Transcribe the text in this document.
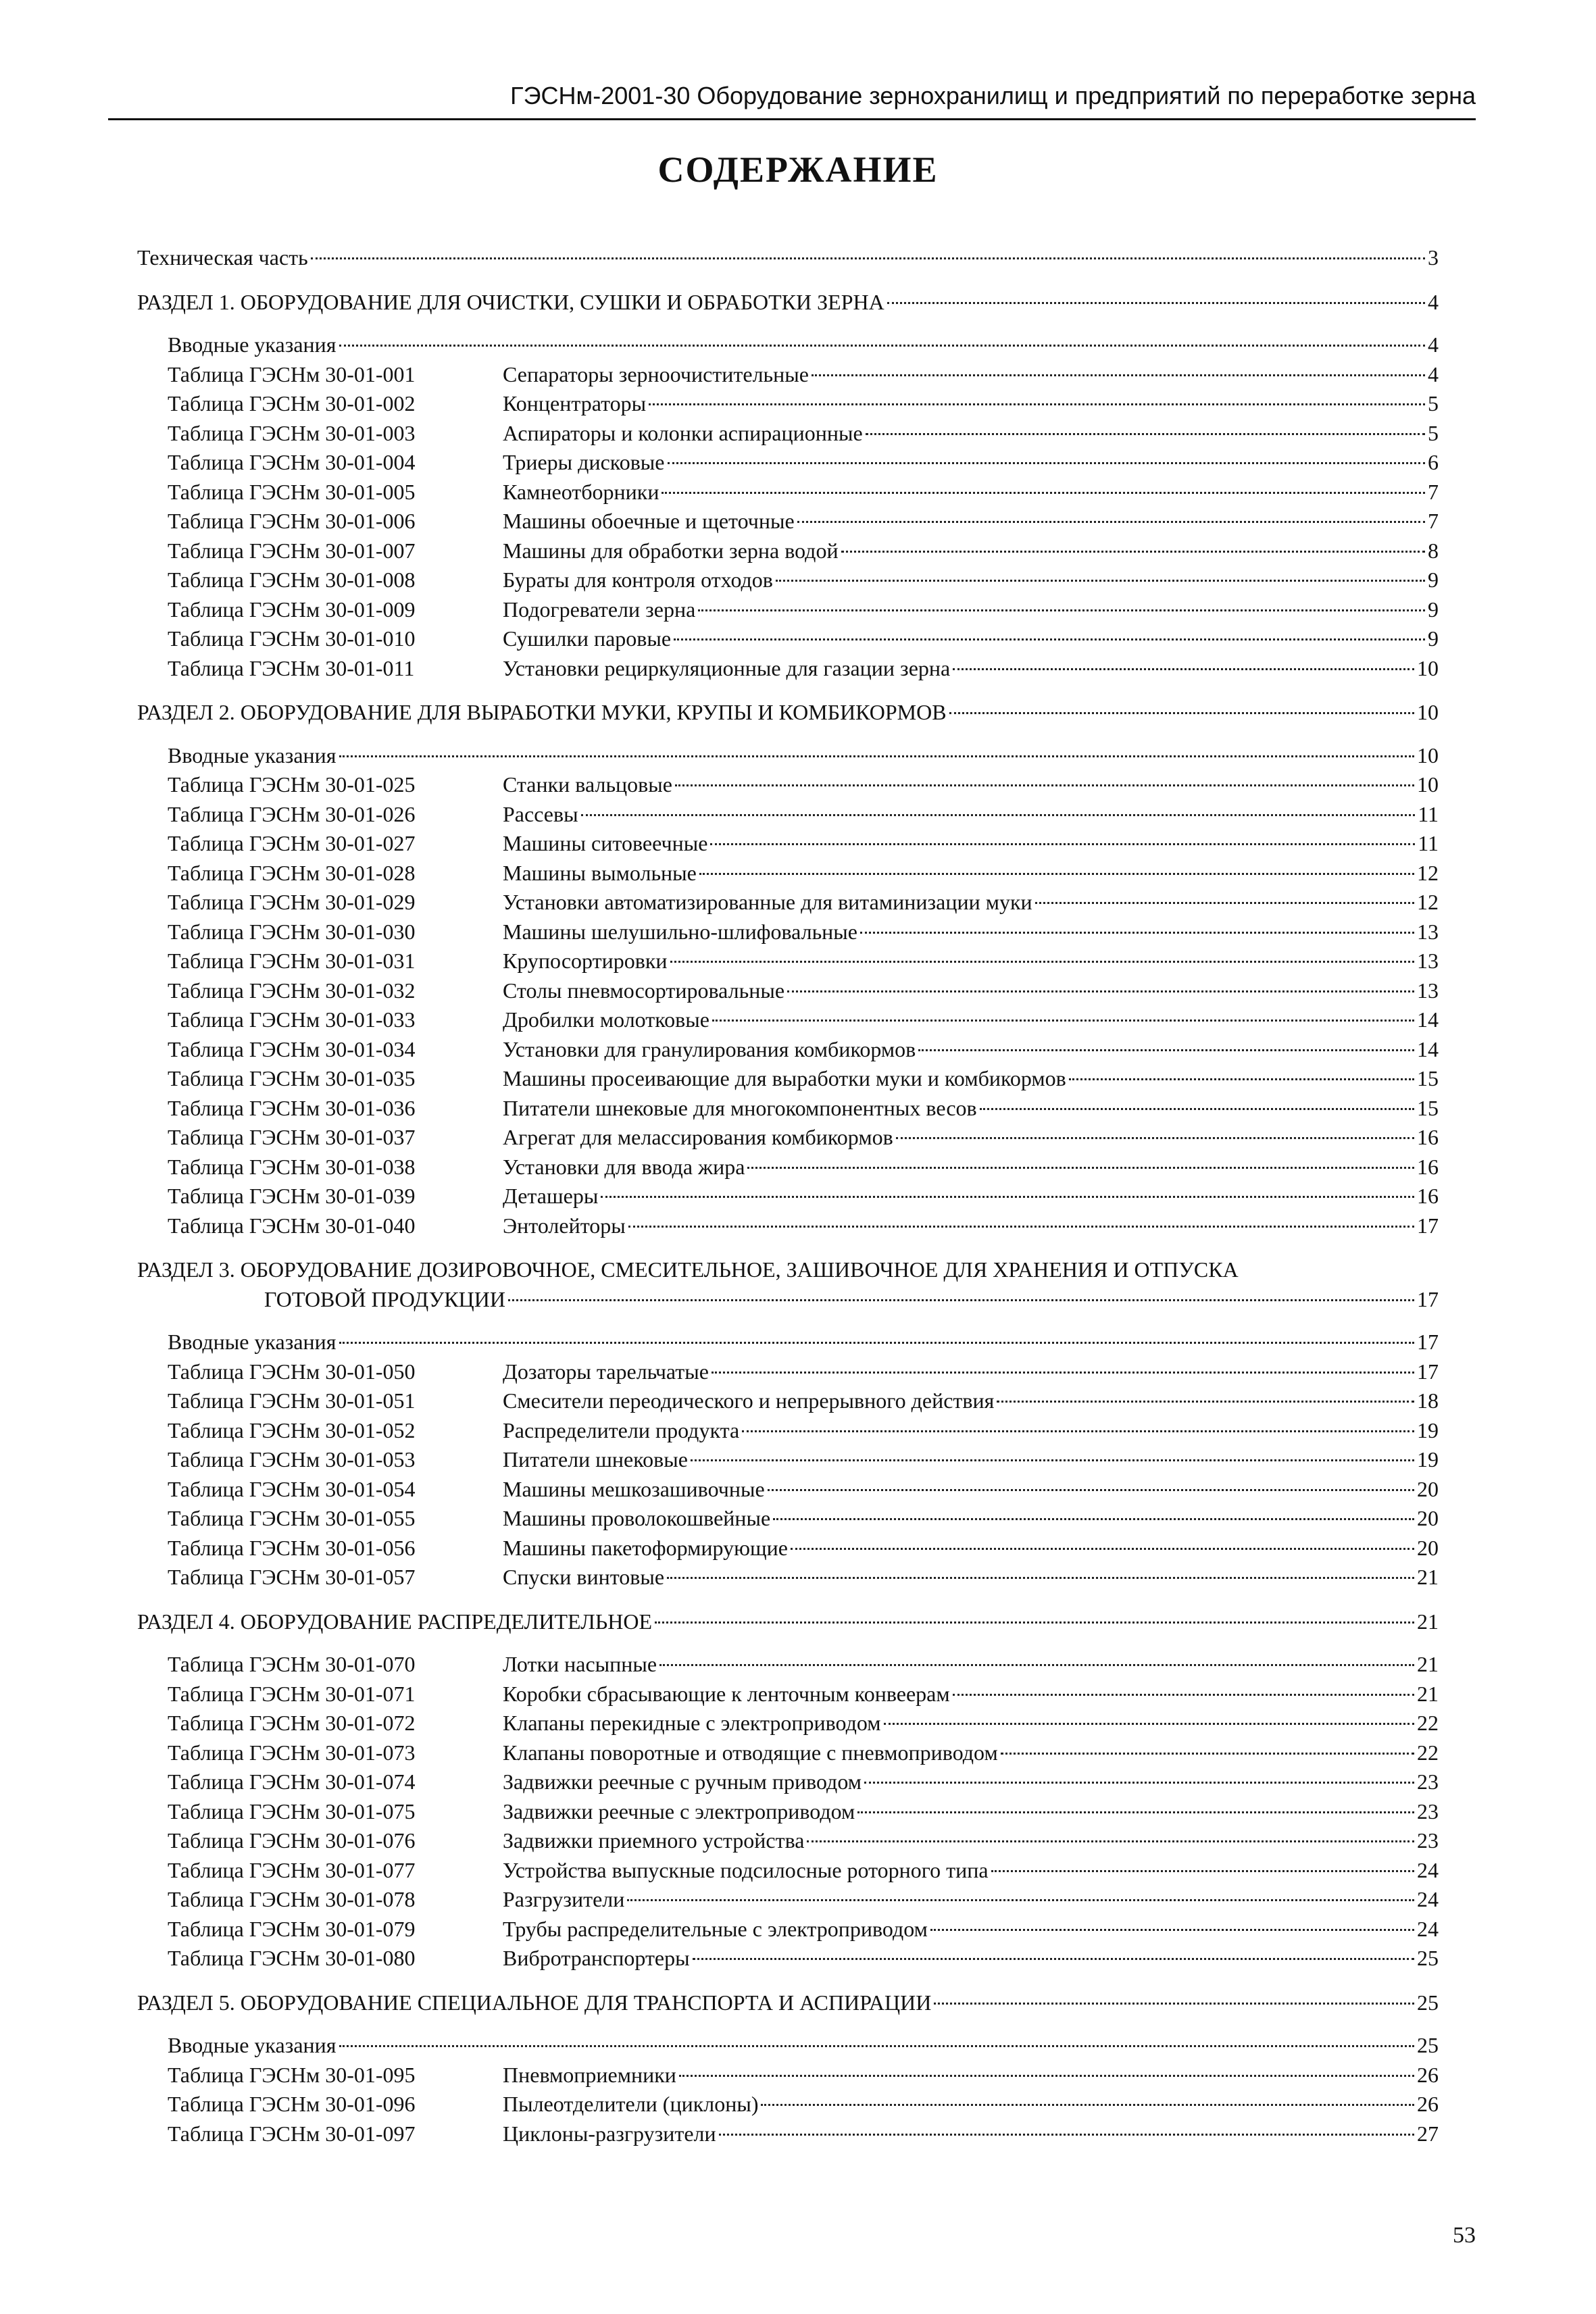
ГЭСНм-2001-30 Оборудование зернохранилищ и предприятий по переработке зерна
СОДЕРЖАНИЕ
Техническая часть	3
РАЗДЕЛ 1. ОБОРУДОВАНИЕ ДЛЯ ОЧИСТКИ, СУШКИ И ОБРАБОТКИ ЗЕРНА	4
Вводные указания	4
Таблица ГЭСНм 30-01-001	Сепараторы зерноочистительные	4
Таблица ГЭСНм 30-01-002	Концентраторы	5
Таблица ГЭСНм 30-01-003	Аспираторы и колонки аспирационные	5
Таблица ГЭСНм 30-01-004	Триеры дисковые	6
Таблица ГЭСНм 30-01-005	Камнеотборники	7
Таблица ГЭСНм 30-01-006	Машины обоечные и щеточные	7
Таблица ГЭСНм 30-01-007	Машины для обработки зерна водой	8
Таблица ГЭСНм 30-01-008	Бураты для контроля отходов	9
Таблица ГЭСНм 30-01-009	Подогреватели зерна	9
Таблица ГЭСНм 30-01-010	Сушилки паровые	9
Таблица ГЭСНм 30-01-011	Установки рециркуляционные для газации зерна	10
РАЗДЕЛ 2. ОБОРУДОВАНИЕ ДЛЯ ВЫРАБОТКИ МУКИ, КРУПЫ И КОМБИКОРМОВ	10
Вводные указания	10
Таблица ГЭСНм 30-01-025	Станки вальцовые	10
Таблица ГЭСНм 30-01-026	Рассевы	11
Таблица ГЭСНм 30-01-027	Машины ситовеечные	11
Таблица ГЭСНм 30-01-028	Машины вымольные	12
Таблица ГЭСНм 30-01-029	Установки автоматизированные для витаминизации муки	12
Таблица ГЭСНм 30-01-030	Машины шелушильно-шлифовальные	13
Таблица ГЭСНм 30-01-031	Крупосортировки	13
Таблица ГЭСНм 30-01-032	Столы пневмосортировальные	13
Таблица ГЭСНм 30-01-033	Дробилки молотковые	14
Таблица ГЭСНм 30-01-034	Установки для гранулирования комбикормов	14
Таблица ГЭСНм 30-01-035	Машины просеивающие для выработки муки и комбикормов	15
Таблица ГЭСНм 30-01-036	Питатели шнековые для многокомпонентных весов	15
Таблица ГЭСНм 30-01-037	Агрегат для мелассирования комбикормов	16
Таблица ГЭСНм 30-01-038	Установки для ввода жира	16
Таблица ГЭСНм 30-01-039	Деташеры	16
Таблица ГЭСНм 30-01-040	Энтолейторы	17
РАЗДЕЛ 3. ОБОРУДОВАНИЕ ДОЗИРОВОЧНОЕ, СМЕСИТЕЛЬНОЕ, ЗАШИВОЧНОЕ ДЛЯ ХРАНЕНИЯ И ОТПУСКА
ГОТОВОЙ ПРОДУКЦИИ	17
Вводные указания	17
Таблица ГЭСНм 30-01-050	Дозаторы тарельчатые	17
Таблица ГЭСНм 30-01-051	Смесители переодического и непрерывного действия	18
Таблица ГЭСНм 30-01-052	Распределители продукта	19
Таблица ГЭСНм 30-01-053	Питатели шнековые	19
Таблица ГЭСНм 30-01-054	Машины мешкозашивочные	20
Таблица ГЭСНм 30-01-055	Машины проволокошвейные	20
Таблица ГЭСНм 30-01-056	Машины пакетоформирующие	20
Таблица ГЭСНм 30-01-057	Спуски винтовые	21
РАЗДЕЛ 4. ОБОРУДОВАНИЕ РАСПРЕДЕЛИТЕЛЬНОЕ	21
Таблица ГЭСНм 30-01-070	Лотки насыпные	21
Таблица ГЭСНм 30-01-071	Коробки сбрасывающие к ленточным конвеерам	21
Таблица ГЭСНм 30-01-072	Клапаны перекидные с электроприводом	22
Таблица ГЭСНм 30-01-073	Клапаны поворотные и отводящие с пневмоприводом	22
Таблица ГЭСНм 30-01-074	Задвижки реечные с ручным приводом	23
Таблица ГЭСНм 30-01-075	Задвижки реечные с электроприводом	23
Таблица ГЭСНм 30-01-076	Задвижки приемного устройства	23
Таблица ГЭСНм 30-01-077	Устройства выпускные подсилосные роторного типа	24
Таблица ГЭСНм 30-01-078	Разгрузители	24
Таблица ГЭСНм 30-01-079	Трубы распределительные с электроприводом	24
Таблица ГЭСНм 30-01-080	Вибротранспортеры	25
РАЗДЕЛ 5. ОБОРУДОВАНИЕ СПЕЦИАЛЬНОЕ ДЛЯ ТРАНСПОРТА И АСПИРАЦИИ	25
Вводные указания	25
Таблица ГЭСНм 30-01-095	Пневмоприемники	26
Таблица ГЭСНм 30-01-096	Пылеотделители (циклоны)	26
Таблица ГЭСНм 30-01-097	Циклоны-разгрузители	27
53
